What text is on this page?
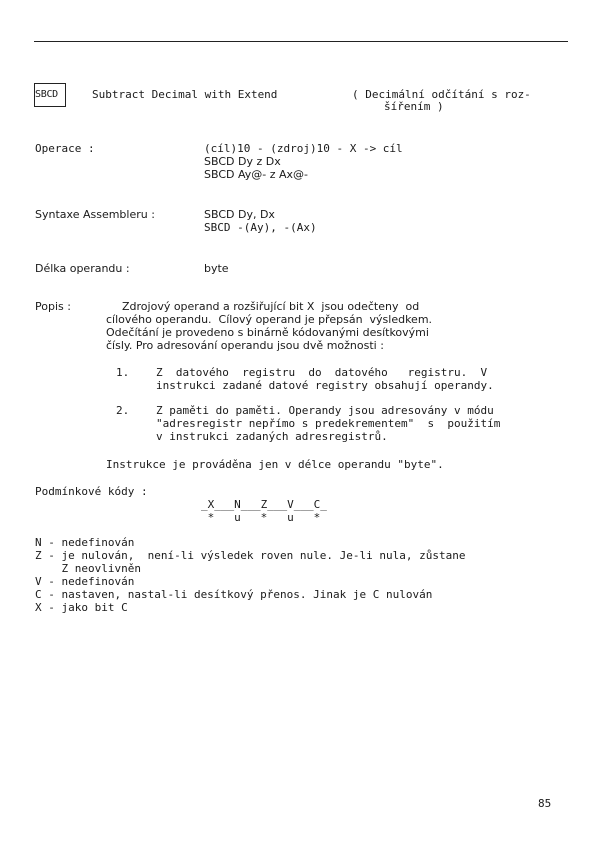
SBCD	Subtract Decimal with Extend	( Decimální odčítání s roz-
šířením )
Operace :	(cíl)10 - (zdroj)10 - X -> cíl
SBCD Dy z Dx
SBCD Ay@- z Ax@-
Syntaxe Assembleru :	SBCD Dy, Dx
SBCD -(Ay), -(Ax)
Délka operandu :	byte
Popis :	Zdrojový operand a rozšiřující bit X  jsou odečteny  od
cílového operandu.  Cílový operand je přepsán  výsledkem.
Odečítání je provedeno s binárně kódovanými desítkovými
čísly. Pro adresování operandu jsou dvě možnosti :
1. Z  datového  registru  do  datového   registru.  V
instrukci zadané datové registry obsahují operandy.
2. Z paměti do paměti. Operandy jsou adresovány v módu
"adresregistr nepřímo s predekrementem"  s  použitím
v instrukci zadaných adresregistrů.
Instrukce je prováděna jen v délce operandu "byte".
Podmínkové kódy :
_X___N___Z___V___C_
*   u   *   u   *
N - nedefinován
Z - je nulován,  není-li výsledek roven nule. Je-li nula, zůstane
Z neovlivněn
V - nedefinován
C - nastaven, nastal-li desítkový přenos. Jinak je C nulován
X - jako bit C
85
